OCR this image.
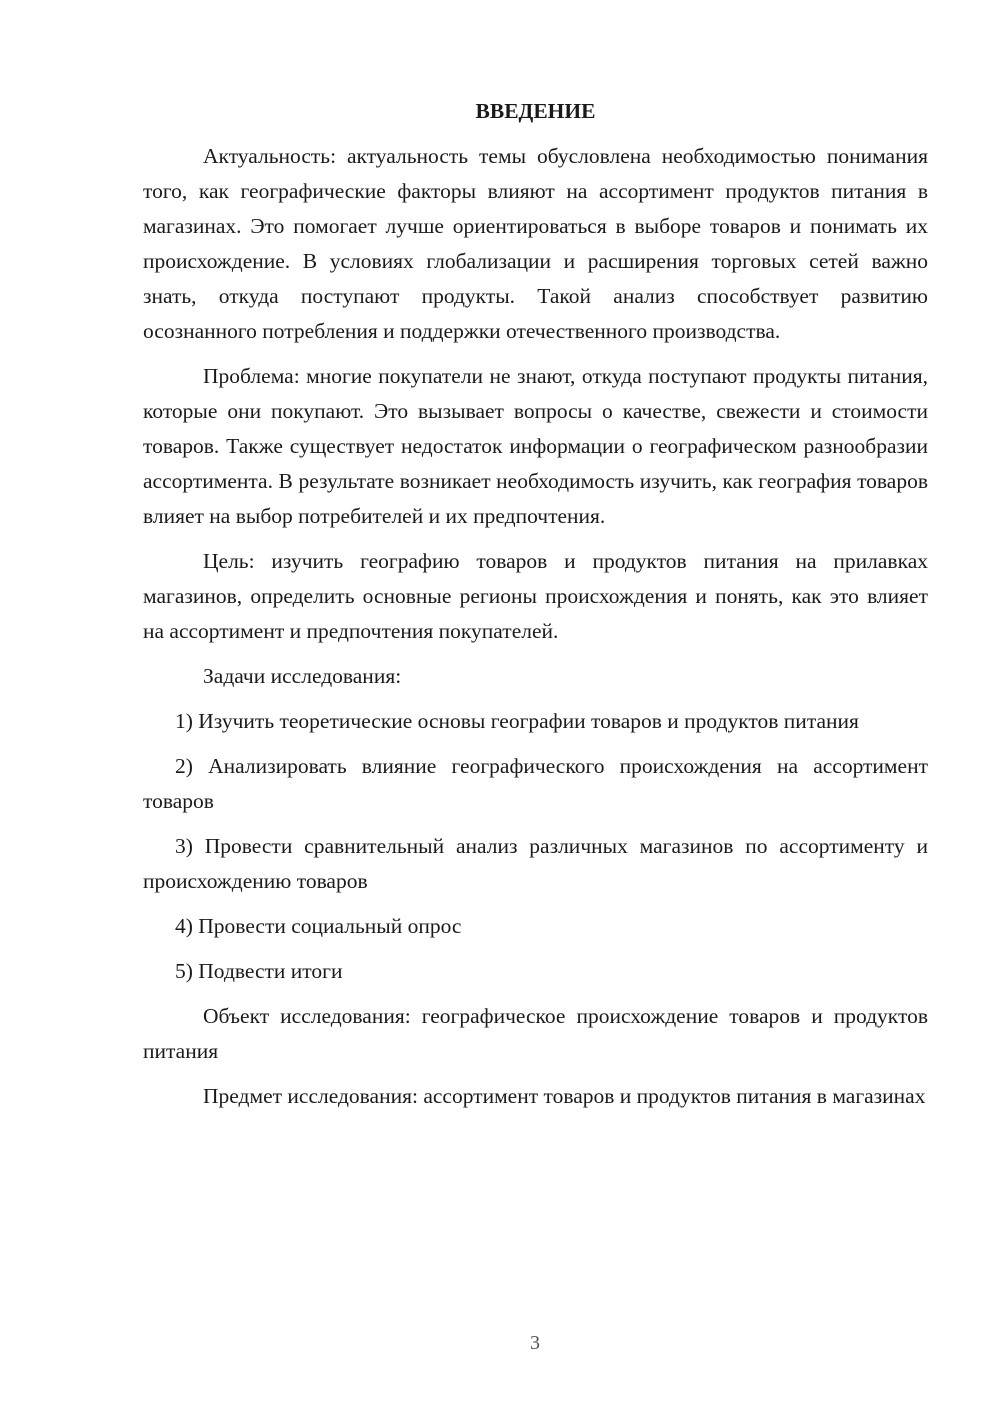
ВВЕДЕНИЕ

Актуальность: актуальность темы обусловлена необходимостью понимания того, как географические факторы влияют на ассортимент продуктов питания в магазинах. Это помогает лучше ориентироваться в выборе товаров и понимать их происхождение. В условиях глобализации и расширения торговых сетей важно знать, откуда поступают продукты. Такой анализ способствует развитию осознанного потребления и поддержки отечественного производства.

Проблема: многие покупатели не знают, откуда поступают продукты питания, которые они покупают. Это вызывает вопросы о качестве, свежести и стоимости товаров. Также существует недостаток информации о географическом разнообразии ассортимента. В результате возникает необходимость изучить, как география товаров влияет на выбор потребителей и их предпочтения.

Цель: изучить географию товаров и продуктов питания на прилавках магазинов, определить основные регионы происхождения и понять, как это влияет на ассортимент и предпочтения покупателей.

Задачи исследования:

1) Изучить теоретические основы географии товаров и продуктов питания

2) Анализировать влияние географического происхождения на ассортимент товаров

3) Провести сравнительный анализ различных магазинов по ассортименту и происхождению товаров

4) Провести социальный опрос

5) Подвести итоги

Объект исследования: географическое происхождение товаров и продуктов питания

Предмет исследования: ассортимент товаров и продуктов питания в магазинах

3
